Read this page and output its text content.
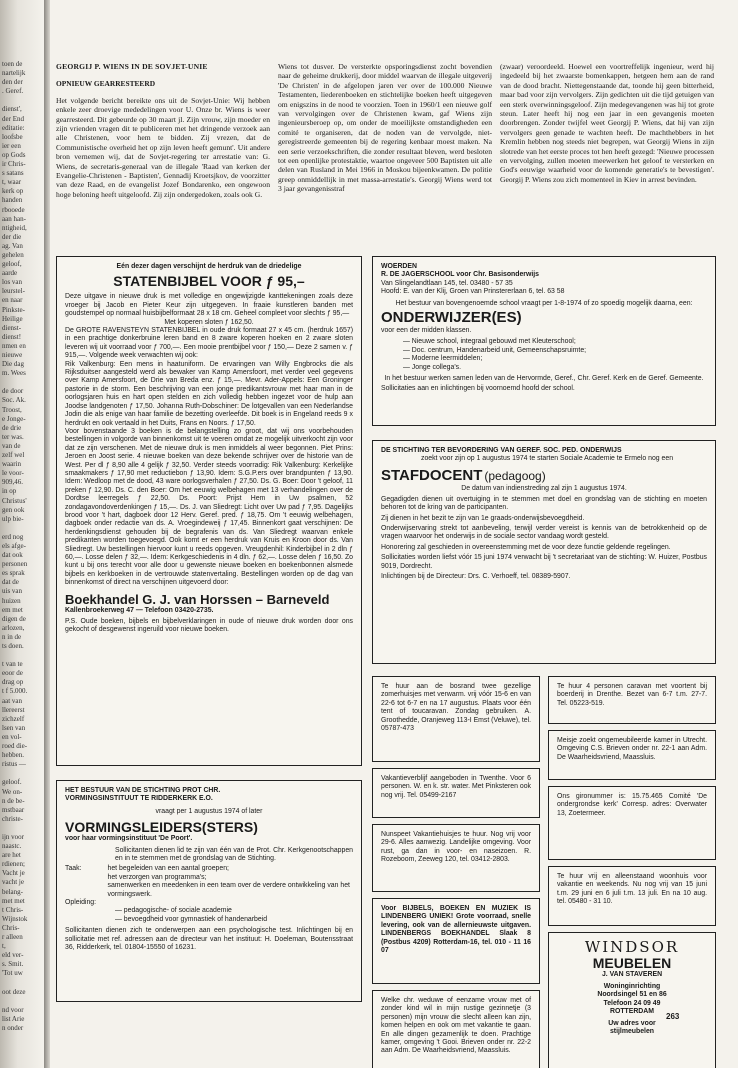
toen de
nartelijk
den der
. Geref.

dienst',
der End
editatie:
loofsbe
ier een
op Gods
ir Chris-
s satans
t, waar
kerk op
handen
rbooede
aan han-
ntigheid,
der die
ag. Van
gehelen
geloof,
aarde
los van
leurstel-
en naar
Pinkste-
Heilige
dienst-
dienst!
nmen en
nieuwe
Die dag
m. Wees

de door
Soc. Ak.
Troost,
e Jonge-
de drie
ter was.
van de
zelf wel
waarin
le voor-
909,46.
in op
Christus'
gen ook
ulp bie-

erd nog
els afge-
dat ook
personen
es sprak
dat de
uis van
huizen
em met
digen de
arlozen,
n in de
ts doen.

t van te
eoor de
drag op
t f 5.000.
aat van
llereerst
zichzelf
lsen van
en vol-
roed die-
hebben.
ristus —

geloof.
We on-
n de be-
mstbaar
christe-

ijn voor
naastc.
are het
rdienen;
Vacht je
vacht je
belang-
met met
t Chris-
Wijnstok
Chris-
r alleen
t,
eld ver-
s. Smit.
'Tot uw

oot deze

nd voor
list Arie
n onder
GEORGIJ P. WIENS IN DE SOVJET-UNIE
OPNIEUW GEARRESTEERD

Het volgende bericht bereikte ons uit de Sovjet-Unie: Wij hebben enkele zeer droevige mededelingen voor U. Onze br. Wiens is weer gearresteerd. Dit gebeurde op 30 maart jl. Zijn vrouw, zijn moeder en zijn vrienden vragen dit te publiceren met het dringende verzoek aan alle Christenen, voor hem te bidden. Zij vrezen, dat de Communistische overheid het op zijn leven heeft gemunt'. Uit andere bron vernemen wij, dat de Sovjet-regering ter arrestatie van: G. Wiens, de secretaris-generaal van de illegale 'Raad van kerken der Evangelie-Christenen - Baptisten', Gennadij Kroetsjkov, de voorzitter van deze Raad, en de evangelist Jozef Bondarenko, een ongewoon hoge beloning heeft uitgeloofd. Zij zijn ondergedoken, zoals ook G.

Wiens tot dusver. De versterkte opsporingsdienst zocht bovendien naar de geheime drukkerij, door middel waarvan de illegale uitgeverij 'De Christen' in de afgelopen jaren ver over de 100.000 Nieuwe Testamenten, liederenboeken en stichtelijke boeken heeft uitgegeven om enigszins in de nood te voorzien. Toen in 1960/1 een nieuwe golf van vervolgingen over de Christenen kwam, gaf Wiens zijn ingenieursberoep op, om onder de moeilijkste omstandigheden een comité te organiseren, dat de noden van de vervolgde, niet-geregistreerde gemeenten bij de regering kenbaar moest maken. Na een serie verzoekschriften, die zonder resultaat bleven, werd besloten tot een openlijke protestaktie, waartoe ongeveer 500 Baptisten uit alle delen van Rusland in Mei 1966 in Moskou bijeenkwamen. De politie greep onmiddellijk in met massa-arrestatie's. Georgij Wiens werd tot 3 jaar gevangenisstraf

(zwaar) veroordeeld. Hoewel een voortreffelijk ingenieur, werd hij ingedeeld bij het zwaarste bomenkappen, hetgeen hem aan de rand van de dood bracht. Niettegenstaande dat, toonde hij geen bitterheid, maar bad voor zijn vervolgers. Zijn gedichten uit die tijd getuigen van een sterk overwinningsgeloof. Zijn medegevangenen was hij tot grote steun. Later heeft hij nog een jaar in een gevangenis moeten doorbrengen. Zonder twijfel weet Georgij P. Wiens, dat hij van zijn vervolgers geen genade te wachten heeft. De machthebbers in het Kremlin hebben nog steeds niet begrepen, wat Georgij Wiens in zijn slotrede van het eerste proces tot hen heeft gezegd: 'Nieuwe processen en vervolging, zullen moeten meewerken het geloof te versterken en God's eeuwige waarheid voor de komende generatie's te bevestigen'. Georgij P. Wiens zou zich momenteel in Kiev in arrest bevinden.

Eén dezer dagen verschijnt de herdruk van de driedelige
STATENBIJBEL VOOR ƒ 95,–

Deze uitgave in nieuwe druk is met volledige en ongewijzigde kanttekeningen zoals deze vroeger bij Jacob en Pieter Keur zijn uitgegeven. In fraaie kunstleren banden met goudstempel op normaal huisbijbelformaat 28 x 18 cm. Geheel compleet voor slechts ƒ 95,—

Met koperen sloten ƒ 162,50.

De GROTE RAVENSTEYN STATENBIJBEL in oude druk formaat 27 x 45 cm. (herdruk 1657) in een prachtige donkerbruine leren band en 8 zware koperen hoeken en 2 zware sloten leveren wij uit voorraad voor ƒ 700,—. Een mooie prentbijbel voor ƒ 150,— Deze 2 samen v. ƒ 915,—. Volgende week verwachten wij ook:

Rik Valkenburg: Een mens in haatuniform. De ervaringen van Willy Engbrocks die als Rijksduitser aangesteld werd als bewaker van Kamp Amersfoort, met verder veel gegevens over Kamp Amersfoort, de Drie van Breda enz. ƒ 15,—. Mevr. Ader-Appels: Een Groninger pastorie in de storm. Een beschrijving van een jonge predikantsvrouw met haar man in de oorlogsjaren huis en hart open stelden en zich volledig hebben ingezet voor de hulp aan Joodse landgenoten ƒ 17,50. Johanna Ruth-Dobschiner: De lotgevallen van een Nederlandse Jodin die als enige van haar familie de bezetting overleefde. Dit boek is in Engeland reeds 9 x herdrukt en ook vertaald in het Duits, Frans en Noors. ƒ 17,50.

Voor bovenstaande 3 boeken is de belangstelling zo groot, dat wij ons voorbehouden bestellingen in volgorde van binnenkomst uit te voeren omdat ze mogelijk uitverkocht zijn voor dat ze zijn verschenen. Met de nieuwe druk is men inmiddels al weer begonnen. Piet Prins: Jeroen en Joost serie. 4 nieuwe boeken van deze bekende schrijver over de historie van de West. Per dl ƒ 8,90 alle 4 gelijk ƒ 32,50. Verder steeds voorradig: Rik Valkenburg: Kerkelijke smaakmakers ƒ 17,90 met reductiebon ƒ 13,90. Idem: S.G.P.ers over brandpunten ƒ 13,90. Idem: Wedloop met de dood, 43 ware oorlogsverhalen ƒ 27,50. Ds. G. Boer: Door 't geloof, 11 preken ƒ 12,90. Ds. C. den Boer: Om het eeuwig welbehagen met 13 verhandelingen over de Dordtse leerregels ƒ 22,50. Ds. Poort: Prijst Hem in Uw psalmen, 52 zondagavondoverdenkingen ƒ 15,—. Ds. J. van Sliedregt: Licht over Uw pad ƒ 7,95. Dagelijks brood voor 't hart, dagboek door 12 Herv. Geref. pred. ƒ 18,75. Om 't eeuwig welbehagen, dagboek onder redactie van ds. A. Vroegindeweij ƒ 17,45. Binnenkort gaat verschijnen: De herdenkingsdienst gehouden bij de begrafenis van ds. Van Sliedregt waarvan enkele predikanten worden toegevoegd. Ook komt er een herdruk van Kruis en Kroon door ds. Van Sliedregt. Uw bestellingen hiervoor kunt u reeds opgeven. Vreugdenhil: Kinderbijbel in 2 dln ƒ 60,—. Losse delen ƒ 32,—. Idem: Kerkgeschiedenis in 4 dln. ƒ 62,—. Losse delen ƒ 16,50. Zo kunt u bij ons terecht voor alle door u gewenste nieuwe boeken en boekenbonnen alsmede bijbels en kerkboeken in de vertrouwde statenvertaling. Bestellingen worden op de dag van binnenkomst of direct na verschijnen uitgevoerd door:

Boekhandel G. J. van Horssen – Barneveld
Kallenbroekerweg 47 — Telefoon 03420-2735.

P.S. Oude boeken, bijbels en bijbelverklaringen in oude of nieuwe druk worden door ons gekocht of desgewenst ingeruild voor nieuwe boeken.

HET BESTUUR VAN DE STICHTING PROT CHR.
VORMINGSINSTITUUT TE RIDDERKERK E.O.
vraagt per 1 augustus 1974 of later
VORMINGSLEIDERS(STERS)
voor haar vormingsinstituut 'De Poort'.

Sollicitanten dienen lid te zijn van één van de Prot. Chr. Kerkgenootschappen en in te stemmen met de grondslag van de Stichting.

Taak:	het begeleiden van een aantal groepen;
het verzorgen van programma's;
samenwerken en meedenken in een team over de verdere ontwikkeling van het vormingswerk.
Opleiding:
— pedagogische- of sociale academie
— bevoegdheid voor gymnastiek of handenarbeid

Sollicitanten dienen zich te onderwerpen aan een psychologische test. Inlichtingen bij en sollicitatie met ref. adressen aan de directeur van het instituut: H. Doeleman, Boutensstraat 36, Ridderkerk, tel. 01804-15550 of 16231.

WOERDEN
R. DE JAGERSCHOOL voor Chr. Basisonderwijs
Van Slingelandtlaan 145, tel. 03480 - 57 35
Hoofd: E. van der Klij, Groen van Prinstererlaan 6, tel. 63 58
Het bestuur van bovengenoemde school vraagt per 1-8-1974 of zo spoedig mogelijk daarna, een:
ONDERWIJZER(ES)
voor een der midden klassen.
— Nieuwe school, integraal gebouwd met Kleuterschool;
— Doc. centrum, Handenarbeid unit, Gemeenschapsruimte;
— Moderne leermiddelen;
— Jonge collega's.
In het bestuur werken samen leden van de Hervormde, Geref., Chr. Geref. Kerk en de Geref. Gemeente.
Sollicitaties aan en inlichtingen bij voornoemd hoofd der school.
DE STICHTING TER BEVORDERING VAN GEREF. SOC. PED. ONDERWIJS
zoekt voor zijn op 1 augustus 1974 te starten Sociale Academie te Ermelo nog een
STAFDOCENT (pedagoog)
De datum van indienstreding zal zijn 1 augustus 1974.

Gegadigden dienen uit overtuiging in te stemmen met doel en grondslag van de stichting en moeten behoren tot de kring van de participanten.

Zij dienen in het bezit te zijn van 1e graads-onderwijsbevoegdheid.

Onderwijservaring strekt tot aanbeveling, terwijl verder vereist is kennis van de betrokkenheid op de vragen waarvoor het onderwijs in de sociale sector vandaag wordt gesteld.

Honorering zal geschieden in overeenstemming met de voor deze functie geldende regelingen.

Sollicitaties worden liefst vóór 15 juni 1974 verwacht bij 't secretariaat van de stichting: W. Huizer, Postbus 9019, Dordrecht.

Inlichtingen bij de Directeur: Drs. C. Verhoeff, tel. 08389-5907.

Te huur aan de bosrand twee gezellige zomerhuisjes met verwarm. vrij vóór 15-6 en van 22-6 tot 6-7 en na 17 augustus. Plaats voor één tent of toucaravan. Zondag gebruiken. A. Groothedde, Oranjeweg 113-I Emst (Veluwe), tel. 05787-473

Vakantieverblijf aangeboden in Twenthe. Voor 6 personen. W. en k. str. water. Met Pinksteren ook nog vrij. Tel. 05499-2167

Nunspeet Vakantiehuisjes te huur. Nog vrij voor 29-6. Alles aanwezig. Landelijke omgeving. Voor rust, ga dan in voor- en naseizoen. R. Rozeboom, Zeeweg 120, tel. 03412-2803.

Voor BIJBELS, BOEKEN EN MUZIEK IS LINDENBERG UNIEK! Grote voorraad, snelle levering, ook van de allernieuwste uitgaven. LINDENBERGS BOEKHANDEL Slaak 8 (Postbus 4209) Rotterdam-16, tel. 010 - 11 16 07

Welke chr. weduwe of eenzame vrouw met of zonder kind wil in mijn rustige gezinnetje (3 personen) mijn vrouw die slecht alleen kan zijn, komen helpen en ook om met vakantie te gaan. En alle dingen gezamenlijk te doen. Prachtige kamer, omgeving 't Gooi. Brieven onder nr. 22-2 aan Adm. De Waarheidsvriend, Maassluis.

Te huur 4 personen caravan met voortent bij boerderij in Drenthe. Bezet van 6-7 t.m. 27-7. Tel. 05223-519.

Meisje zoekt ongemeubileerde kamer in Utrecht. Omgeving C.S. Brieven onder nr. 22-1 aan Adm. De Waarheidsvriend, Maassluis.

Ons gironummer is: 15.75.465 Comité 'De ondergrondse kerk' Corresp. adres: Overwater 13, Zoetermeer.

Te huur vrij en alleenstaand woonhuis voor vakantie en weekends. Nu nog vrij van 15 juni t.m. 29 juni en 6 juli t.m. 13 juli. En na 10 aug. tel. 05480 - 31 10.

WINDSOR
MEUBELEN
J. VAN STAVEREN
Woninginrichting
Noordsingel 51 en 86
Telefoon 24 09 49
ROTTERDAM
Uw adres voor
stijlmeubelen
263
